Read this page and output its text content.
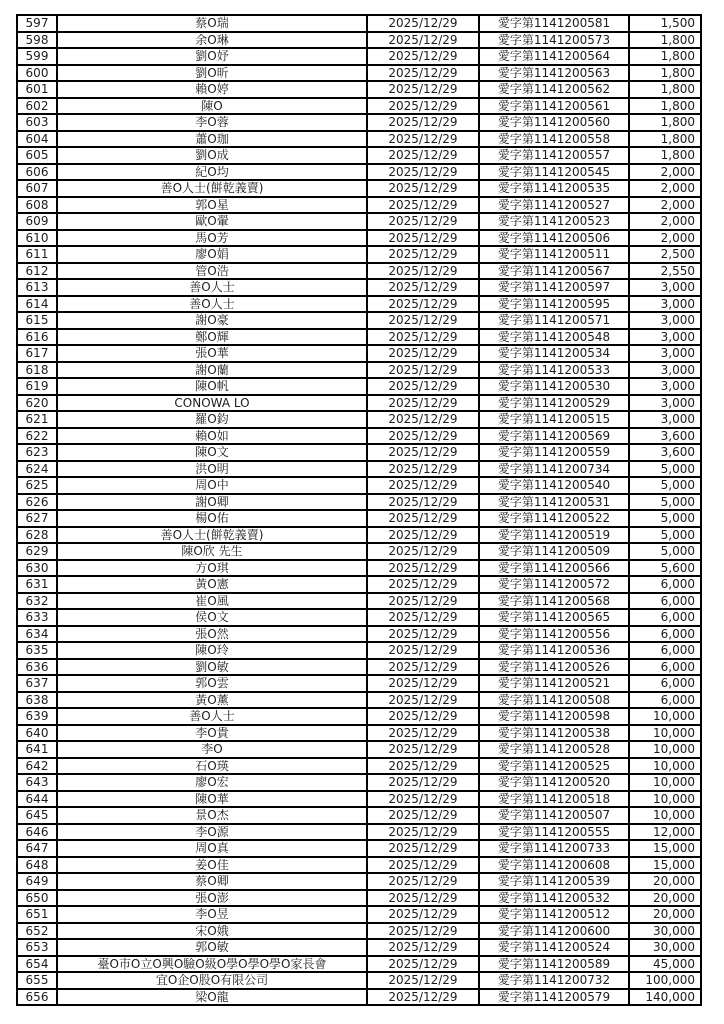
597	蔡O瑞	2025/12/29	愛字第1141200581	1,500
598	余O琳	2025/12/29	愛字第1141200573	1,800
599	劉O妤	2025/12/29	愛字第1141200564	1,800
600	劉O昕	2025/12/29	愛字第1141200563	1,800
601	賴O婷	2025/12/29	愛字第1141200562	1,800
602	陳O	2025/12/29	愛字第1141200561	1,800
603	李O蓉	2025/12/29	愛字第1141200560	1,800
604	蕭O珈	2025/12/29	愛字第1141200558	1,800
605	劉O成	2025/12/29	愛字第1141200557	1,800
606	紀O均	2025/12/29	愛字第1141200545	2,000
607	善O人士(餅乾義賣)	2025/12/29	愛字第1141200535	2,000
608	郭O星	2025/12/29	愛字第1141200527	2,000
609	歐O翬	2025/12/29	愛字第1141200523	2,000
610	馬O芳	2025/12/29	愛字第1141200506	2,000
611	廖O娟	2025/12/29	愛字第1141200511	2,500
612	管O浩	2025/12/29	愛字第1141200567	2,550
613	善O人士	2025/12/29	愛字第1141200597	3,000
614	善O人士	2025/12/29	愛字第1141200595	3,000
615	謝O豪	2025/12/29	愛字第1141200571	3,000
616	鄭O輝	2025/12/29	愛字第1141200548	3,000
617	張O華	2025/12/29	愛字第1141200534	3,000
618	謝O蘭	2025/12/29	愛字第1141200533	3,000
619	陳O帆	2025/12/29	愛字第1141200530	3,000
620	CONOWA LO	2025/12/29	愛字第1141200529	3,000
621	羅O鈞	2025/12/29	愛字第1141200515	3,000
622	賴O如	2025/12/29	愛字第1141200569	3,600
623	陳O文	2025/12/29	愛字第1141200559	3,600
624	洪O明	2025/12/29	愛字第1141200734	5,000
625	周O中	2025/12/29	愛字第1141200540	5,000
626	謝O卿	2025/12/29	愛字第1141200531	5,000
627	楊O佑	2025/12/29	愛字第1141200522	5,000
628	善O人士(餅乾義賣)	2025/12/29	愛字第1141200519	5,000
629	陳O欣 先生	2025/12/29	愛字第1141200509	5,000
630	方O琪	2025/12/29	愛字第1141200566	5,600
631	黃O憲	2025/12/29	愛字第1141200572	6,000
632	崔O風	2025/12/29	愛字第1141200568	6,000
633	侯O文	2025/12/29	愛字第1141200565	6,000
634	張O然	2025/12/29	愛字第1141200556	6,000
635	陳O玲	2025/12/29	愛字第1141200536	6,000
636	劉O敏	2025/12/29	愛字第1141200526	6,000
637	郭O雲	2025/12/29	愛字第1141200521	6,000
638	黃O薰	2025/12/29	愛字第1141200508	6,000
639	善O人士	2025/12/29	愛字第1141200598	10,000
640	李O貴	2025/12/29	愛字第1141200538	10,000
641	李O	2025/12/29	愛字第1141200528	10,000
642	石O瑛	2025/12/29	愛字第1141200525	10,000
643	廖O宏	2025/12/29	愛字第1141200520	10,000
644	陳O華	2025/12/29	愛字第1141200518	10,000
645	景O杰	2025/12/29	愛字第1141200507	10,000
646	李O源	2025/12/29	愛字第1141200555	12,000
647	周O真	2025/12/29	愛字第1141200733	15,000
648	姜O佳	2025/12/29	愛字第1141200608	15,000
649	蔡O卿	2025/12/29	愛字第1141200539	20,000
650	張O澎	2025/12/29	愛字第1141200532	20,000
651	李O昱	2025/12/29	愛字第1141200512	20,000
652	宋O娥	2025/12/29	愛字第1141200600	30,000
653	郭O敏	2025/12/29	愛字第1141200524	30,000
654	臺O市O立O興O驗O級O學O學O學O家長會	2025/12/29	愛字第1141200589	45,000
655	宜O企O股O有限公司	2025/12/29	愛字第1141200732	100,000
656	梁O龍	2025/12/29	愛字第1141200579	140,000
